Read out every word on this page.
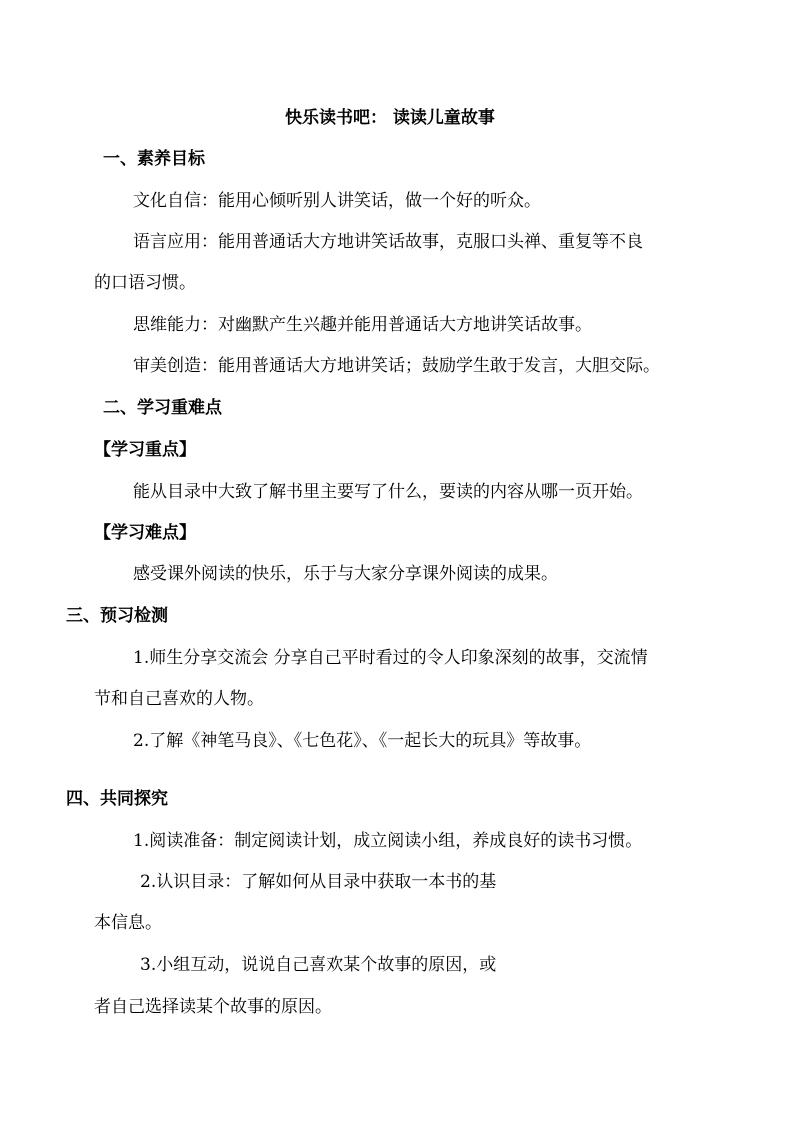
快乐读书吧： 读读儿童故事
一、素养目标
文化自信：能用心倾听别人讲笑话，做一个好的听众。
语言应用：能用普通话大方地讲笑话故事，克服口头禅、重复等不良
的口语习惯。
思维能力：对幽默产生兴趣并能用普通话大方地讲笑话故事。
审美创造：能用普通话大方地讲笑话；鼓励学生敢于发言，大胆交际。
二、学习重难点
【学习重点】
能从目录中大致了解书里主要写了什么，要读的内容从哪一页开始。
【学习难点】
感受课外阅读的快乐，乐于与大家分享课外阅读的成果。
三、预习检测
1.师生分享交流会 分享自己平时看过的令人印象深刻的故事，交流情
节和自己喜欢的人物。
2.了解《神笔马良》、《七色花》、《一起长大的玩具》等故事。
四、共同探究
1.阅读准备：制定阅读计划，成立阅读小组，养成良好的读书习惯。
2.认识目录：了解如何从目录中获取一本书的基
本信息。
3.小组互动，说说自己喜欢某个故事的原因，或
者自己选择读某个故事的原因。
